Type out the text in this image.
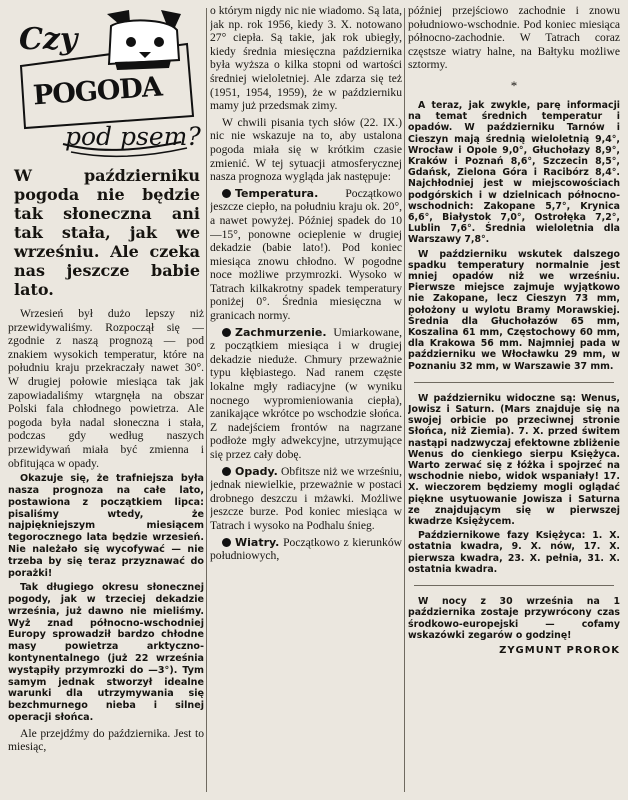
Czy
POGODA
pod psem?
W październiku pogoda nie będzie tak słoneczna ani tak stała, jak we wrześniu. Ale czeka nas jeszcze babie lato.

Wrzesień był dużo lepszy niż przewidywaliśmy. Rozpoczął się — zgodnie z naszą prognozą — pod znakiem wysokich temperatur, które na południu kraju przekraczały nawet 30°. W drugiej połowie miesiąca tak jak zapowiadaliśmy wtargnęła na obszar Polski fala chłodnego powietrza. Ale pogoda była nadal słoneczna i stała, podczas gdy według naszych przewidywań miała być zmienna i obfitująca w opady.

Okazuje się, że trafniejsza była nasza prognoza na całe lato, postawiona z początkiem lipca: pisaliśmy wtedy, że najpiękniejszym miesiącem tegorocznego lata będzie wrzesień. Nie należało się wycofywać — nie trzeba by się teraz przyznawać do porażki!

Tak długiego okresu słonecznej pogody, jak w trzeciej dekadzie września, już dawno nie mieliśmy. Wyż znad północno-wschodniej Europy sprowadził bardzo chłodne masy powietrza arktyczno-kontynentalnego (już 22 września wystąpiły przymrozki do —3°). Tym samym jednak stworzył idealne warunki dla utrzymywania się bezchmurnego nieba i silnej operacji słońca.

Ale przejdźmy do października. Jest to miesiąc,

o którym nigdy nic nie wiadomo. Są lata, jak np. rok 1956, kiedy 3. X. notowano 27° ciepła. Są takie, jak rok ubiegły, kiedy średnia miesięczna października była wyższa o kilka stopni od wartości średniej wieloletniej. Ale zdarza się też (1951, 1954, 1959), że w październiku mamy już przedsmak zimy.

W chwili pisania tych słów (22. IX.) nic nie wskazuje na to, aby ustalona pogoda miała się w krótkim czasie zmienić. W tej sytuacji atmosferycznej nasza prognoza wygląda jak następuje:

Temperatura. Początkowo jeszcze ciepło, na południu kraju ok. 20°, a nawet powyżej. Później spadek do 10—15°, ponowne ocieplenie w drugiej dekadzie (babie lato!). Pod koniec miesiąca znowu chłodno. W pogodne noce możliwe przymrozki. Wysoko w Tatrach kilkakrotny spadek temperatury poniżej 0°. Średnia miesięczna w granicach normy.

Zachmurzenie. Umiarkowane, z początkiem miesiąca i w drugiej dekadzie nieduże. Chmury przeważnie typu kłębiastego. Nad ranem częste lokalne mgły radiacyjne (w wyniku nocnego wypromieniowania ciepła), zanikające wkrótce po wschodzie słońca. Z nadejściem frontów na nagrzane podłoże mgły adwekcyjne, utrzymujące się przez cały dobę.

Opady. Obfitsze niż we wrześniu, jednak niewielkie, przeważnie w postaci drobnego deszczu i mżawki. Możliwe jeszcze burze. Pod koniec miesiąca w Tatrach i wysoko na Podhalu śnieg.

Wiatry. Początkowo z kierunków południowych,

później przejściowo zachodnie i znowu południowo-wschodnie. Pod koniec miesiąca północno-zachodnie. W Tatrach coraz częstsze wiatry halne, na Bałtyku możliwe sztormy.

*

A teraz, jak zwykle, parę informacji na temat średnich temperatur i opadów. W październiku Tarnów i Cieszyn mają średnią wieloletnią 9,4°, Wrocław i Opole 9,0°, Głuchołazy 8,9°, Kraków i Poznań 8,6°, Szczecin 8,5°, Gdańsk, Zielona Góra i Racibórz 8,4°. Najchłodniej jest w miejscowościach podgórskich i w dzielnicach północno-wschodnich: Zakopane 5,7°, Krynica 6,6°, Białystok 7,0°, Ostrołęka 7,2°, Lublin 7,6°. Średnia wieloletnia dla Warszawy 7,8°.

W październiku wskutek dalszego spadku temperatury normalnie jest mniej opadów niż we wrześniu. Pierwsze miejsce zajmuje wyjątkowo nie Zakopane, lecz Cieszyn 73 mm, położony u wylotu Bramy Morawskiej. Średnia dla Głuchołazów 65 mm, Koszalina 61 mm, Częstochowy 60 mm, dla Krakowa 56 mm. Najmniej pada w październiku we Włocławku 29 mm, w Poznaniu 32 mm, w Warszawie 37 mm.

W październiku widoczne są: Wenus, Jowisz i Saturn. (Mars znajduje się na swojej orbicie po przeciwnej stronie Słońca, niż Ziemia). 7. X. przed świtem nastąpi nadzwyczaj efektowne zbliżenie Wenus do cienkiego sierpu Księżyca. Warto zerwać się z łóżka i spojrzeć na wschodnie niebo, widok wspaniały! 17. X. wieczorem będziemy mogli oglądać piękne usytuowanie Jowisza i Saturna ze znajdującym się w pierwszej kwadrze Księżycem.

Październikowe fazy Księżyca: 1. X. ostatnia kwadra, 9. X. nów, 17. X. pierwsza kwadra, 23. X. pełnia, 31. X. ostatnia kwadra.

W nocy z 30 września na 1 października zostaje przywrócony czas środkowo-europejski — cofamy wskazówki zegarów o godzinę!

ZYGMUNT PROROK
